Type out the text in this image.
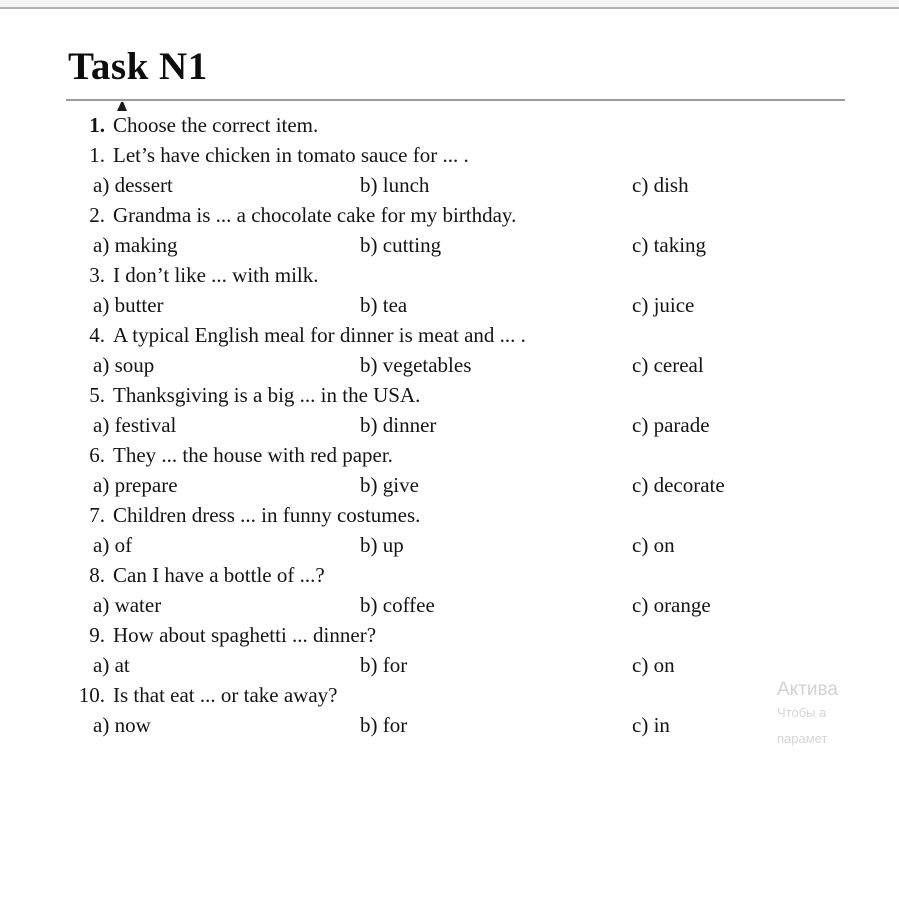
Task N1
1. Choose the correct item.
1. Let’s have chicken in tomato sauce for ... .
a) dessert	b) lunch	c) dish
2. Grandma is ... a chocolate cake for my birthday.
a) making	b) cutting	c) taking
3. I don’t like ... with milk.
a) butter	b) tea	c) juice
4. A typical English meal for dinner is meat and ... .
a) soup	b) vegetables	c) cereal
5. Thanksgiving is a big ... in the USA.
a) festival	b) dinner	c) parade
6. They ... the house with red paper.
a) prepare	b) give	c) decorate
7. Children dress ... in funny costumes.
a) of	b) up	c) on
8. Can I have a bottle of ...?
a) water	b) coffee	c) orange
9. How about spaghetti ... dinner?
a) at	b) for	c) on
10. Is that eat ... or take away?
a) now	b) for	c) in
Актива
Чтобы а
парамет
